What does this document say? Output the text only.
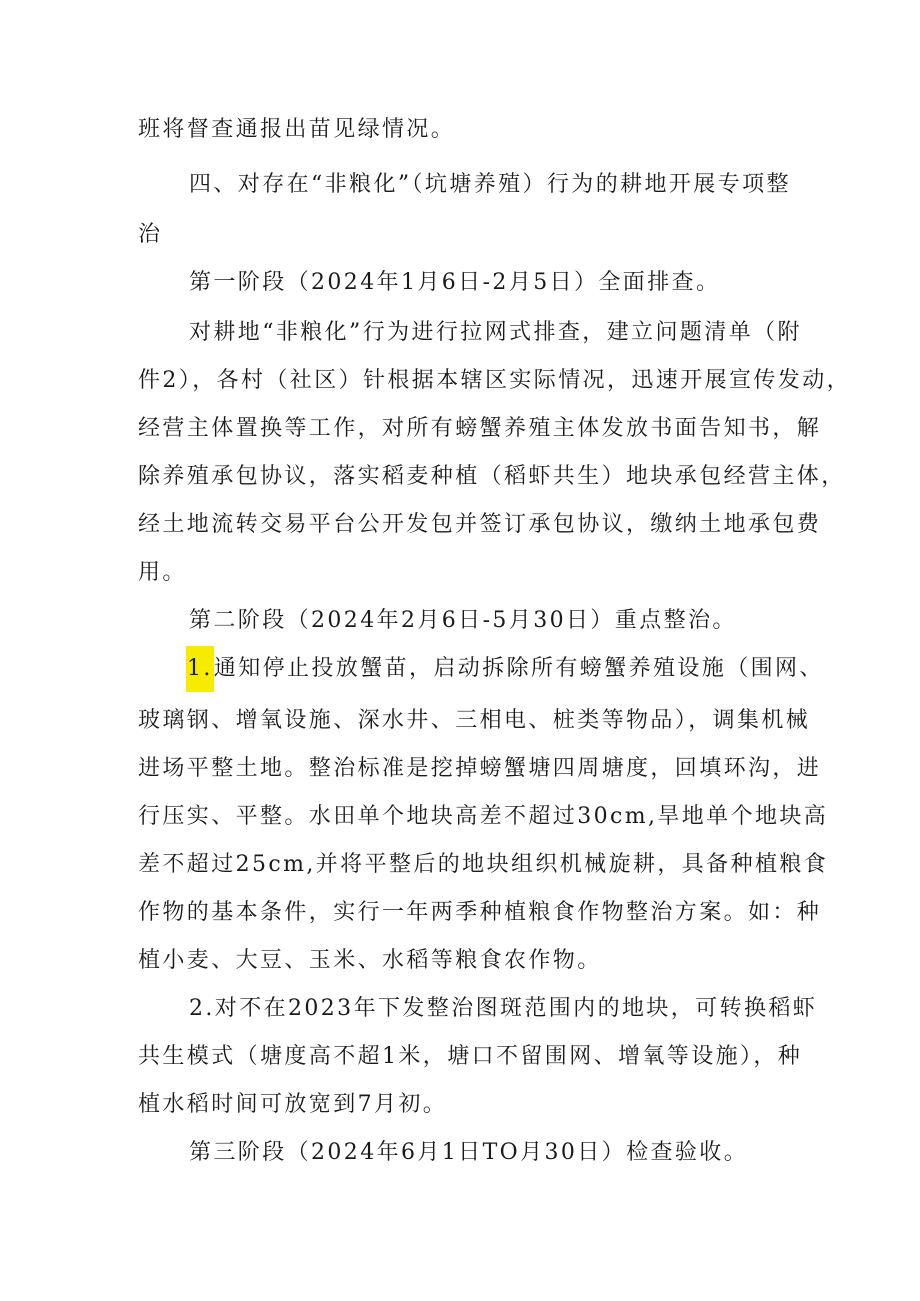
班将督查通报出苗见绿情况。
四、对存在“非粮化”（坑塘养殖）行为的耕地开展专项整
治
第一阶段（2024年1月6日-2月5日）全面排查。
对耕地“非粮化”行为进行拉网式排查，建立问题清单（附
件2），各村（社区）针根据本辖区实际情况，迅速开展宣传发动，
经营主体置换等工作，对所有螃蟹养殖主体发放书面告知书，解
除养殖承包协议，落实稻麦种植（稻虾共生）地块承包经营主体，
经土地流转交易平台公开发包并签订承包协议，缴纳土地承包费
用。
第二阶段（2024年2月6日-5月30日）重点整治。
1.通知停止投放蟹苗，启动拆除所有螃蟹养殖设施（围网、
玻璃钢、增氧设施、深水井、三相电、桩类等物品），调集机械
进场平整土地。整治标准是挖掉螃蟹塘四周塘度，回填环沟，进
行压实、平整。水田单个地块高差不超过30cm,旱地单个地块高
差不超过25cm,并将平整后的地块组织机械旋耕，具备种植粮食
作物的基本条件，实行一年两季种植粮食作物整治方案。如：种
植小麦、大豆、玉米、水稻等粮食农作物。
2.对不在2023年下发整治图斑范围内的地块，可转换稻虾
共生模式（塘度高不超1米，塘口不留围网、增氧等设施），种
植水稻时间可放宽到7月初。
第三阶段（2024年6月1日TO月30日）检查验收。
